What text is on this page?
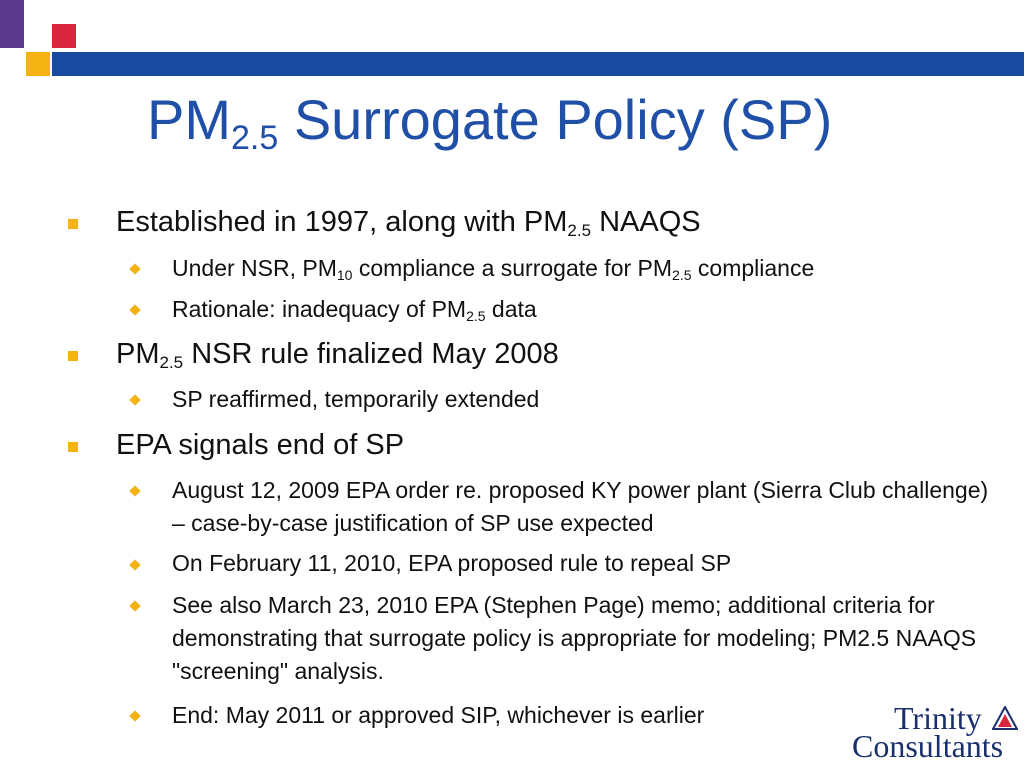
$PM_{2.5}$ Surrogate Policy (SP)
Established in 1997, along with $PM_{2.5}$ NAAQS
Under NSR, $PM_{10}$ compliance a surrogate for $PM_{2.5}$ compliance
Rationale: inadequacy of $PM_{2.5}$ data
$PM_{2.5}$ NSR rule finalized May 2008
SP reaffirmed, temporarily extended
EPA signals end of SP
August 12, 2009 EPA order re. proposed KY power plant (Sierra Club challenge) – case-by-case justification of SP use expected
On February 11, 2010, EPA proposed rule to repeal SP
See also March 23, 2010 EPA (Stephen Page) memo; additional criteria for demonstrating that surrogate policy is appropriate for modeling; PM2.5 NAAQS "screening" analysis.
End: May 2011 or approved SIP, whichever is earlier	Trinity
Consultants
